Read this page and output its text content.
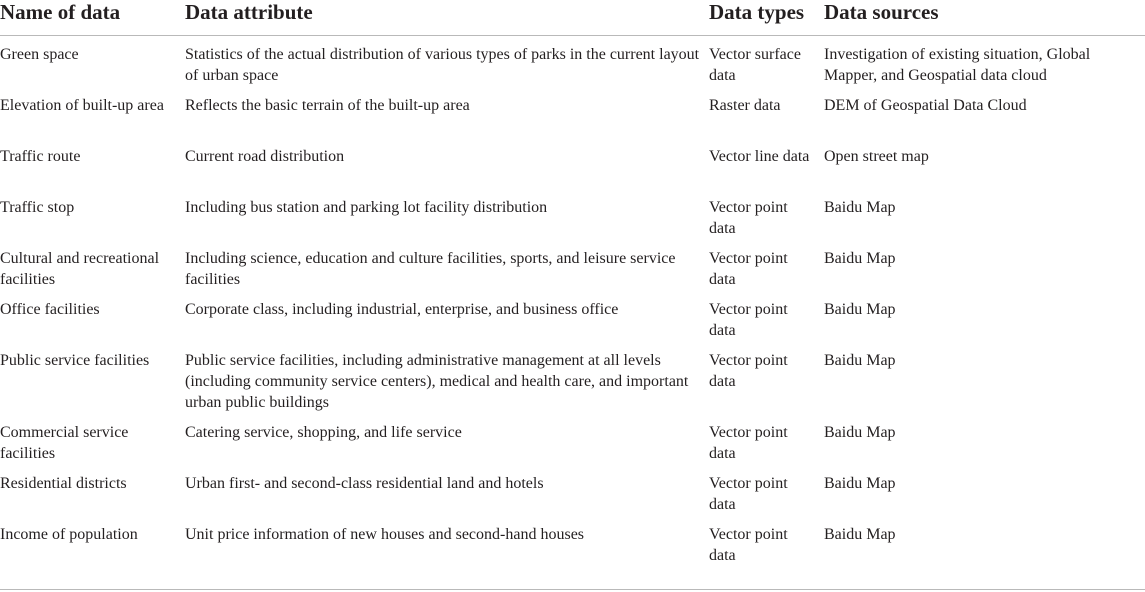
Name of data	Data attribute	Data types	Data sources
Green space	Statistics of the actual distribution of various types of parks in the current layout of urban space	Vector surface data	Investigation of existing situation, Global Mapper, and Geospatial data cloud
Elevation of built-up area	Reflects the basic terrain of the built-up area	Raster data	DEM of Geospatial Data Cloud
Traffic route	Current road distribution	Vector line data	Open street map
Traffic stop	Including bus station and parking lot facility distribution	Vector point data	Baidu Map
Cultural and recreational facilities	Including science, education and culture facilities, sports, and leisure service facilities	Vector point data	Baidu Map
Office facilities	Corporate class, including industrial, enterprise, and business office	Vector point data	Baidu Map
Public service facilities	Public service facilities, including administrative management at all levels (including community service centers), medical and health care, and important urban public buildings	Vector point data	Baidu Map
Commercial service facilities	Catering service, shopping, and life service	Vector point data	Baidu Map
Residential districts	Urban first- and second-class residential land and hotels	Vector point data	Baidu Map
Income of population	Unit price information of new houses and second-hand houses	Vector point data	Baidu Map
